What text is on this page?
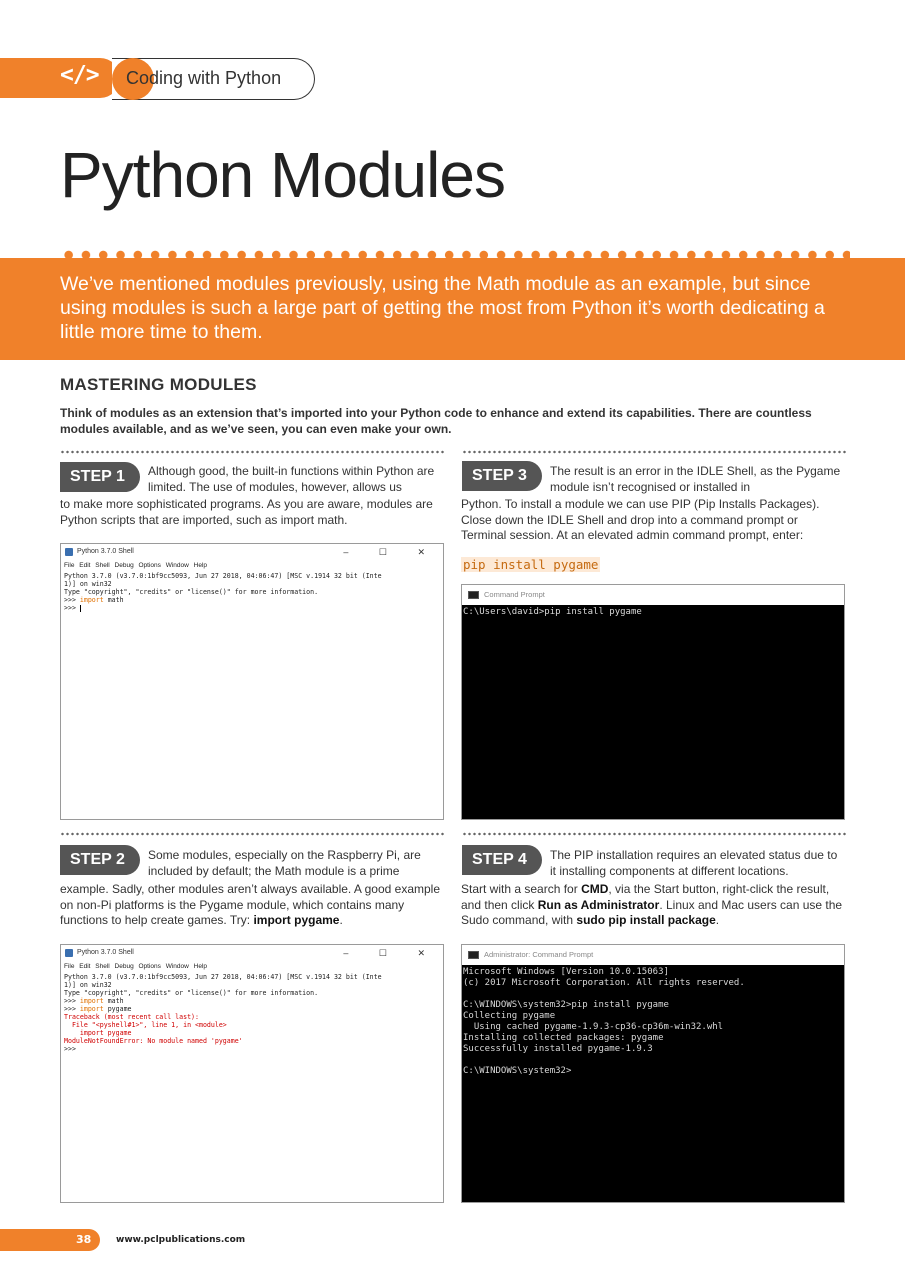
</> Coding with Python
Python Modules
We’ve mentioned modules previously, using the Math module as an example, but since using modules is such a large part of getting the most from Python it’s worth dedicating a little more time to them.
MASTERING MODULES
Think of modules as an extension that’s imported into your Python code to enhance and extend its capabilities. There are countless modules available, and as we’ve seen, you can even make your own.
STEP 1	Although good, the built-in functions within Python are limited. The use of modules, however, allows us
to make more sophisticated programs. As you are aware, modules are Python scripts that are imported, such as import math.
Python 3.7.0 Shell	– ☐ ✕
File Edit Shell Debug Options Window Help
Python 3.7.0 (v3.7.0:1bf9cc5093, Jun 27 2018, 04:06:47) [MSC v.1914 32 bit (Inte
1)] on win32
Type "copyright", "credits" or "license()" for more information.
>>> import math
>>>
STEP 2	Some modules, especially on the Raspberry Pi, are included by default; the Math module is a prime
example. Sadly, other modules aren’t always available. A good example on non-Pi platforms is the Pygame module, which contains many functions to help create games. Try: import pygame.
Python 3.7.0 Shell	– ☐ ✕
File Edit Shell Debug Options Window Help
Python 3.7.0 (v3.7.0:1bf9cc5093, Jun 27 2018, 04:06:47) [MSC v.1914 32 bit (Inte
1)] on win32
Type "copyright", "credits" or "license()" for more information.
>>> import math
>>> import pygame
Traceback (most recent call last):
File "<pyshell#1>", line 1, in <module>
import pygame
ModuleNotFoundError: No module named 'pygame'
>>>
STEP 3	The result is an error in the IDLE Shell, as the Pygame module isn’t recognised or installed in
Python. To install a module we can use PIP (Pip Installs Packages). Close down the IDLE Shell and drop into a command prompt or Terminal session. At an elevated admin command prompt, enter:
pip install pygame
Command Prompt
C:\Users\david>pip install pygame
STEP 4	The PIP installation requires an elevated status due to it installing components at different locations.
Start with a search for CMD, via the Start button, right-click the result, and then click Run as Administrator. Linux and Mac users can use the Sudo command, with sudo pip install package.
Administrator: Command Prompt
Microsoft Windows [Version 10.0.15063]
(c) 2017 Microsoft Corporation. All rights reserved.

C:\WINDOWS\system32>pip install pygame
Collecting pygame
Using cached pygame-1.9.3-cp36-cp36m-win32.whl
Installing collected packages: pygame
Successfully installed pygame-1.9.3

C:\WINDOWS\system32>
38	www.pclpublications.com
